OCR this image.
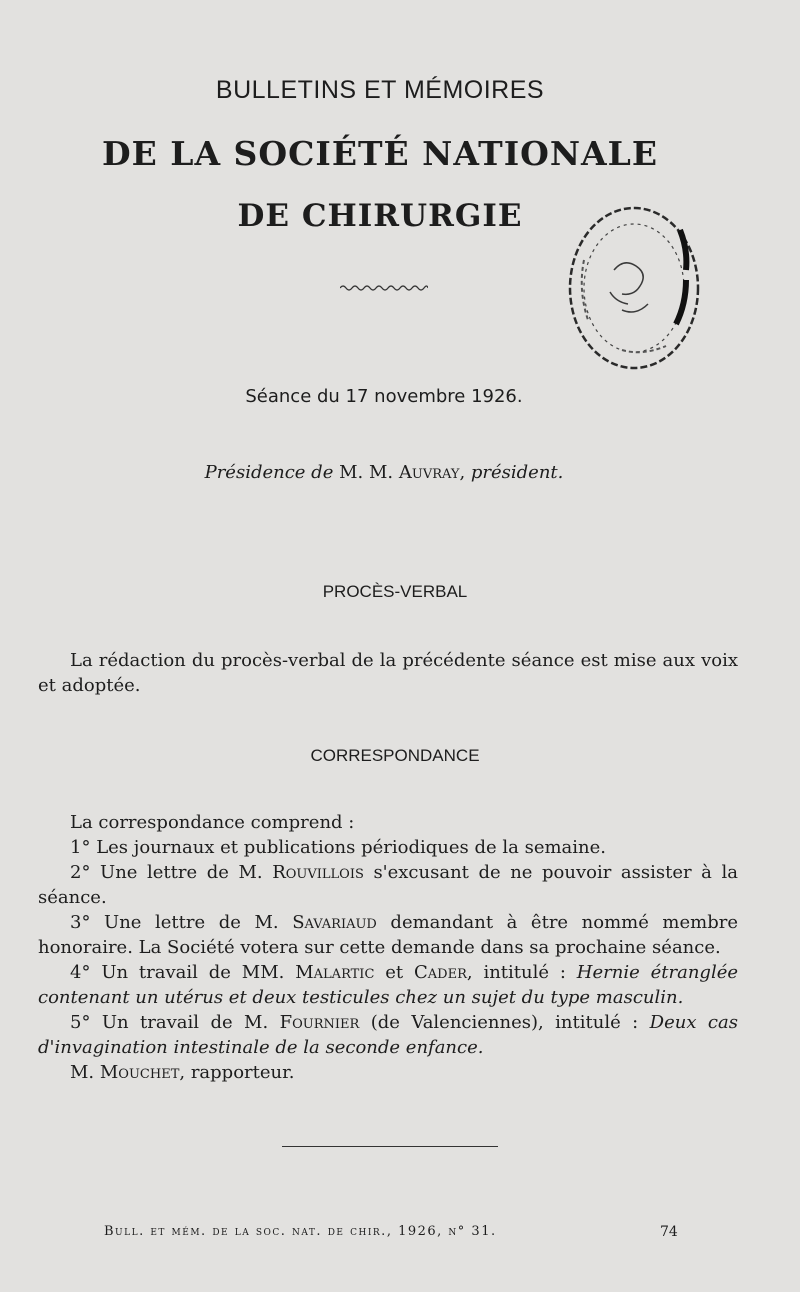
BULLETINS ET MÉMOIRES
DE LA SOCIÉTÉ NATIONALE
DE CHIRURGIE
Séance du 17 novembre 1926.
Présidence de M. M. Auvray, président.
PROCÈS-VERBAL

La rédaction du procès-verbal de la précédente séance est mise aux voix et adoptée.

CORRESPONDANCE

La correspondance comprend :

1° Les journaux et publications périodiques de la semaine.

2° Une lettre de M. Rouvillois s'excusant de ne pouvoir assister à la séance.

3° Une lettre de M. Savariaud demandant à être nommé membre honoraire. La Société votera sur cette demande dans sa prochaine séance.

4° Un travail de MM. Malartic et Cader, intitulé : Hernie étranglée contenant un utérus et deux testicules chez un sujet du type masculin.

5° Un travail de M. Fournier (de Valenciennes), intitulé : Deux cas d'invagination intestinale de la seconde enfance.

M. Mouchet, rapporteur.

Bull. et mém. de la soc. nat. de chir., 1926, n° 31.	74
